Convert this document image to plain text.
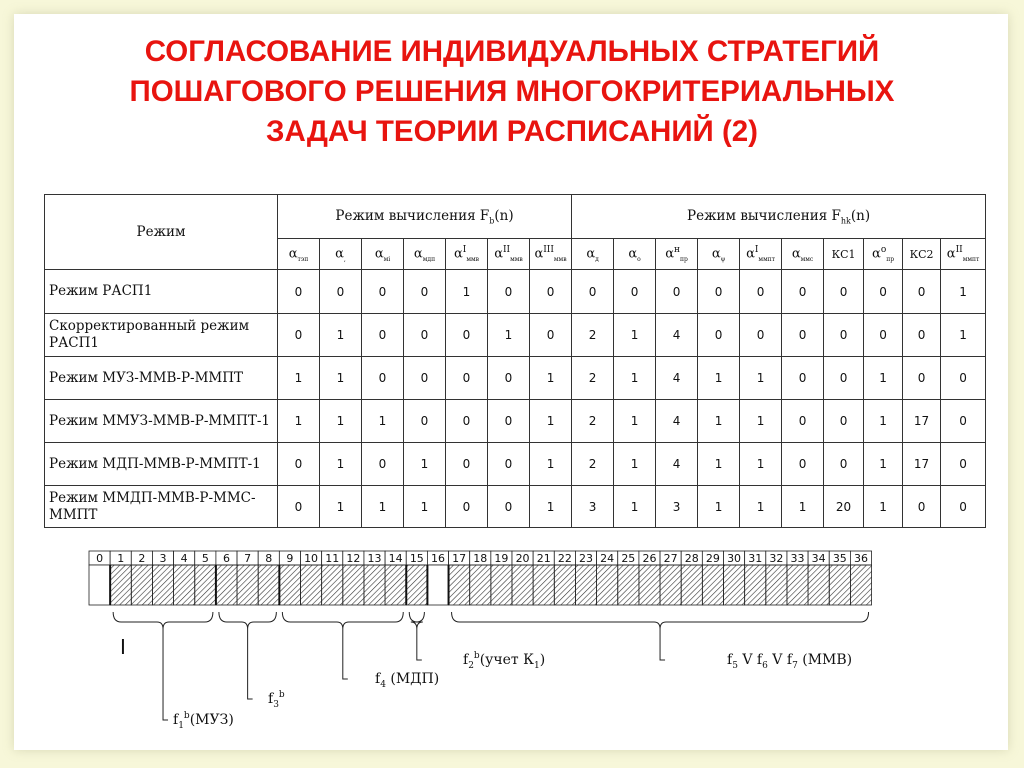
СОГЛАСОВАНИЕ ИНДИВИДУАЛЬНЫХ СТРАТЕГИЙ
ПОШАГОВОГО РЕШЕНИЯ МНОГОКРИТЕРИАЛЬНЫХ
ЗАДАЧ ТЕОРИИ РАСПИСАНИЙ (2)
Режим	Режим вычисления $F_b(n)$							Режим вычисления $F_{hk}(n)$									
	$\alpha_{тэп}$	$\alpha_,$	$\alpha_{мi}$	$\alpha_{мдп}$	$\alpha^I_{ммв}$	$\alpha^{II}_{ммв}$	$\alpha^{III}_{ммв}$	$\alpha_д$	$\alpha_о$	$\alpha^н_{пр}$	$\alpha_\psi$	$\alpha^I_{ммпт}$	$\alpha_{ммс}$	КС1	$\alpha^о_{пр}$	КС2	$\alpha^{II}_{ммпт}$
Режим РАСП1	0	0	0	0	1	0	0	0	0	0	0	0	0	0	0	0	1
Скорректированный режим РАСП1	0	1	0	0	0	1	0	2	1	4	0	0	0	0	0	0	1
Режим МУЗ-ММВ-Р-ММПТ	1	1	0	0	0	0	1	2	1	4	1	1	0	0	1	0	0
Режим ММУЗ-ММВ-Р-ММПТ-1	1	1	1	0	0	0	1	2	1	4	1	1	0	0	1	17	0
Режим МДП-ММВ-Р-ММПТ-1	0	1	0	1	0	0	1	2	1	4	1	1	0	0	1	17	0
Режим ММДП-ММВ-Р-ММС-ММПТ	0	1	1	1	0	0	1	3	1	3	1	1	1	20	1	0	0
0 1 2 3 4 5 6 7 8 9 10 11 12 13 14 15 16 17 18 19 20 21 22 23 24 25 26 27 28 29 30 31 32 33 34 35 36
I
$f_1^b(МУЗ)$
$f_3^b$
$f_4$ (МДП)
$f_2^b(учет$ $К_1$)	$f_5$ V $f_6$ V $f_7$ (ММВ)
